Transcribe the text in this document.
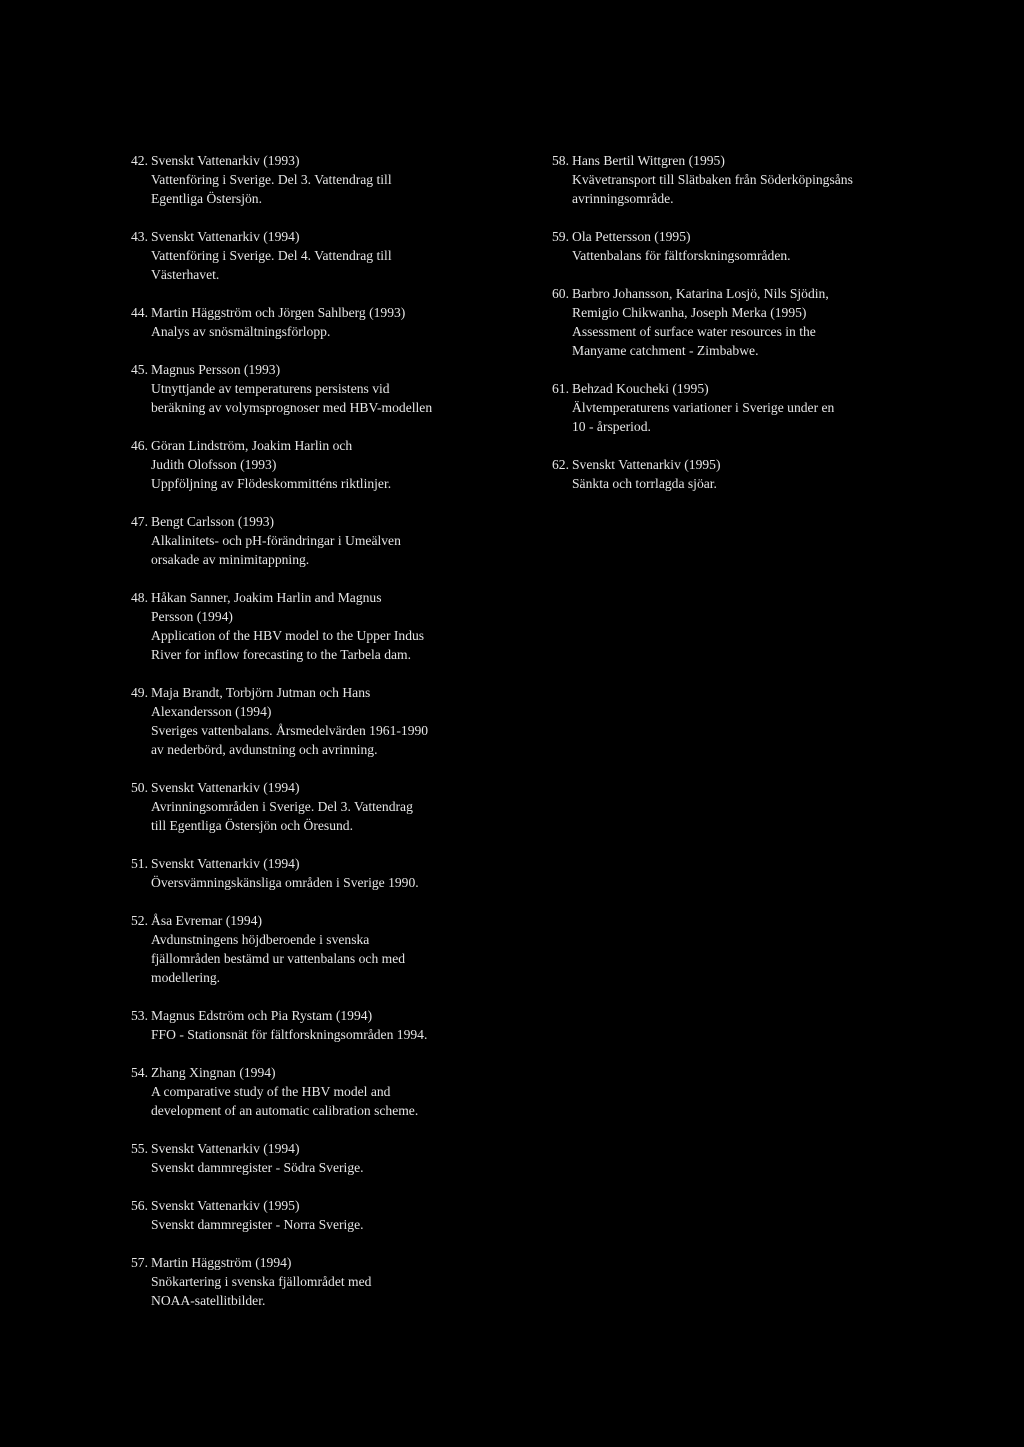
42. Svenskt Vattenarkiv (1993)
Vattenföring i Sverige. Del 3. Vattendrag till
Egentliga Östersjön.
43. Svenskt Vattenarkiv (1994)
Vattenföring i Sverige. Del 4. Vattendrag till
Västerhavet.
44. Martin Häggström och Jörgen Sahlberg (1993)
Analys av snösmältningsförlopp.
45. Magnus Persson (1993)
Utnyttjande av temperaturens persistens vid
beräkning av volymsprognoser med HBV-modellen
46. Göran Lindström, Joakim Harlin och
Judith Olofsson (1993)
Uppföljning av Flödeskommitténs riktlinjer.
47. Bengt Carlsson (1993)
Alkalinitets- och pH-förändringar i Umeälven
orsakade av minimitappning.
48. Håkan Sanner, Joakim Harlin and Magnus
Persson (1994)
Application of the HBV model to the Upper Indus
River for inflow forecasting to the Tarbela dam.
49. Maja Brandt, Torbjörn Jutman och Hans
Alexandersson (1994)
Sveriges vattenbalans. Årsmedelvärden 1961-1990
av nederbörd, avdunstning och avrinning.
50. Svenskt Vattenarkiv (1994)
Avrinningsområden i Sverige. Del 3. Vattendrag
till Egentliga Östersjön och Öresund.
51. Svenskt Vattenarkiv (1994)
Översvämningskänsliga områden i Sverige 1990.
52. Åsa Evremar (1994)
Avdunstningens höjdberoende i svenska
fjällområden bestämd ur vattenbalans och med
modellering.
53. Magnus Edström och Pia Rystam (1994)
FFO - Stationsnät för fältforskningsområden 1994.
54. Zhang Xingnan (1994)
A comparative study of the HBV model and
development of an automatic calibration scheme.
55. Svenskt Vattenarkiv (1994)
Svenskt dammregister - Södra Sverige.
56. Svenskt Vattenarkiv (1995)
Svenskt dammregister - Norra Sverige.
57. Martin Häggström (1994)
Snökartering i svenska fjällområdet med
NOAA-satellitbilder.
58. Hans Bertil Wittgren (1995)
Kvävetransport till Slätbaken från Söderköpingsåns
avrinningsområde.
59. Ola Pettersson (1995)
Vattenbalans för fältforskningsområden.
60. Barbro Johansson, Katarina Losjö, Nils Sjödin,
Remigio Chikwanha, Joseph Merka (1995)
Assessment of surface water resources in the
Manyame catchment - Zimbabwe.
61. Behzad Koucheki (1995)
Älvtemperaturens variationer i Sverige under en
10 - årsperiod.
62. Svenskt Vattenarkiv (1995)
Sänkta och torrlagda sjöar.
